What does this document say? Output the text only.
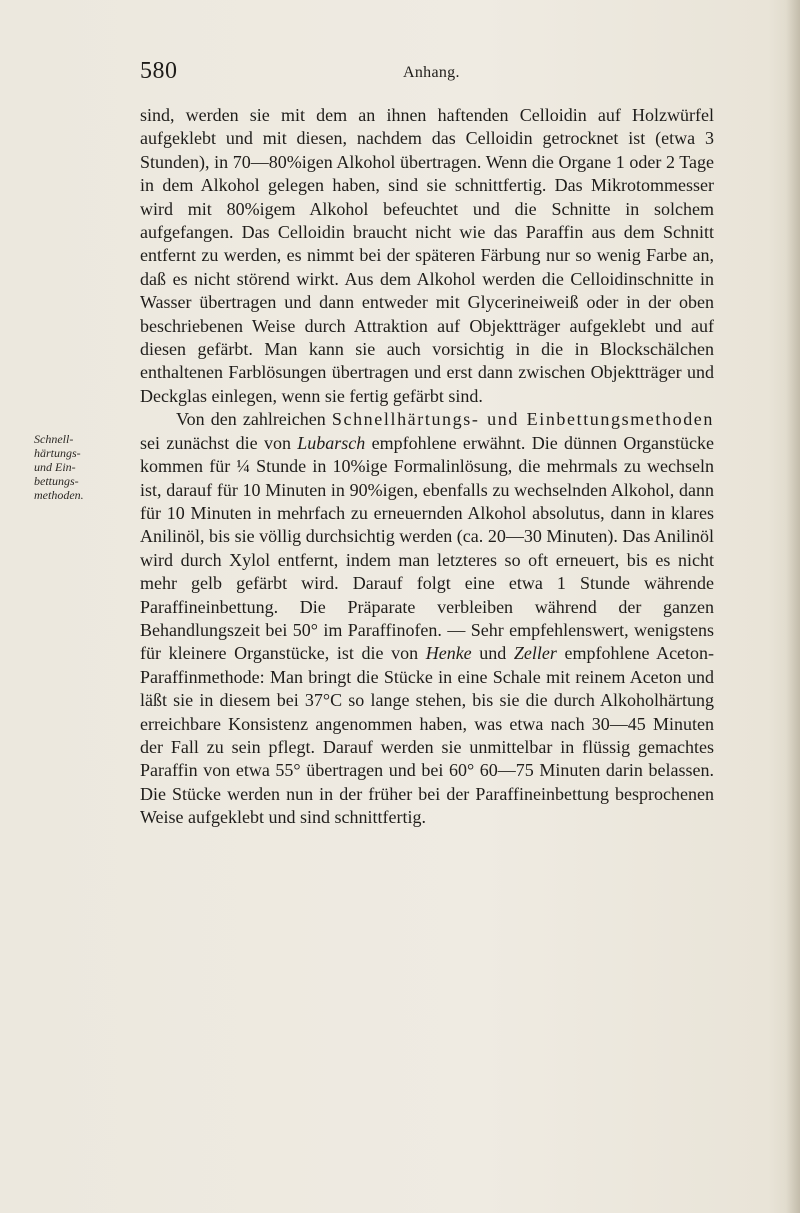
580	Anhang.
Schnell-
härtungs-
und Ein-
bettungs-
methoden.

sind, werden sie mit dem an ihnen haftenden Celloidin auf Holzwürfel aufgeklebt und mit diesen, nachdem das Celloidin getrocknet ist (etwa 3 Stunden), in 70—80%igen Alkohol übertragen. Wenn die Organe 1 oder 2 Tage in dem Alkohol gelegen haben, sind sie schnittfertig. Das Mikrotommesser wird mit 80%igem Alkohol befeuchtet und die Schnitte in solchem aufgefangen. Das Celloidin braucht nicht wie das Paraffin aus dem Schnitt entfernt zu werden, es nimmt bei der späteren Färbung nur so wenig Farbe an, daß es nicht störend wirkt. Aus dem Alkohol werden die Celloidinschnitte in Wasser übertragen und dann entweder mit Glycerineiweiß oder in der oben beschriebenen Weise durch Attraktion auf Objektträger aufgeklebt und auf diesen gefärbt. Man kann sie auch vorsichtig in die in Blockschälchen enthaltenen Farblösungen übertragen und erst dann zwischen Objektträger und Deckglas einlegen, wenn sie fertig gefärbt sind.

Von den zahlreichen Schnellhärtungs- und Einbettungsmethoden sei zunächst die von Lubarsch empfohlene erwähnt. Die dünnen Organstücke kommen für ¼ Stunde in 10%ige Formalinlösung, die mehrmals zu wechseln ist, darauf für 10 Minuten in 90%igen, ebenfalls zu wechselnden Alkohol, dann für 10 Minuten in mehrfach zu erneuernden Alkohol absolutus, dann in klares Anilinöl, bis sie völlig durchsichtig werden (ca. 20—30 Minuten). Das Anilinöl wird durch Xylol entfernt, indem man letzteres so oft erneuert, bis es nicht mehr gelb gefärbt wird. Darauf folgt eine etwa 1 Stunde währende Paraffineinbettung. Die Präparate verbleiben während der ganzen Behandlungszeit bei 50° im Paraffinofen. — Sehr empfehlenswert, wenigstens für kleinere Organstücke, ist die von Henke und Zeller empfohlene Aceton-Paraffinmethode: Man bringt die Stücke in eine Schale mit reinem Aceton und läßt sie in diesem bei 37°C so lange stehen, bis sie die durch Alkoholhärtung erreichbare Konsistenz angenommen haben, was etwa nach 30—45 Minuten der Fall zu sein pflegt. Darauf werden sie unmittelbar in flüssig gemachtes Paraffin von etwa 55° übertragen und bei 60° 60—75 Minuten darin belassen. Die Stücke werden nun in der früher bei der Paraffineinbettung besprochenen Weise aufgeklebt und sind schnittfertig.
